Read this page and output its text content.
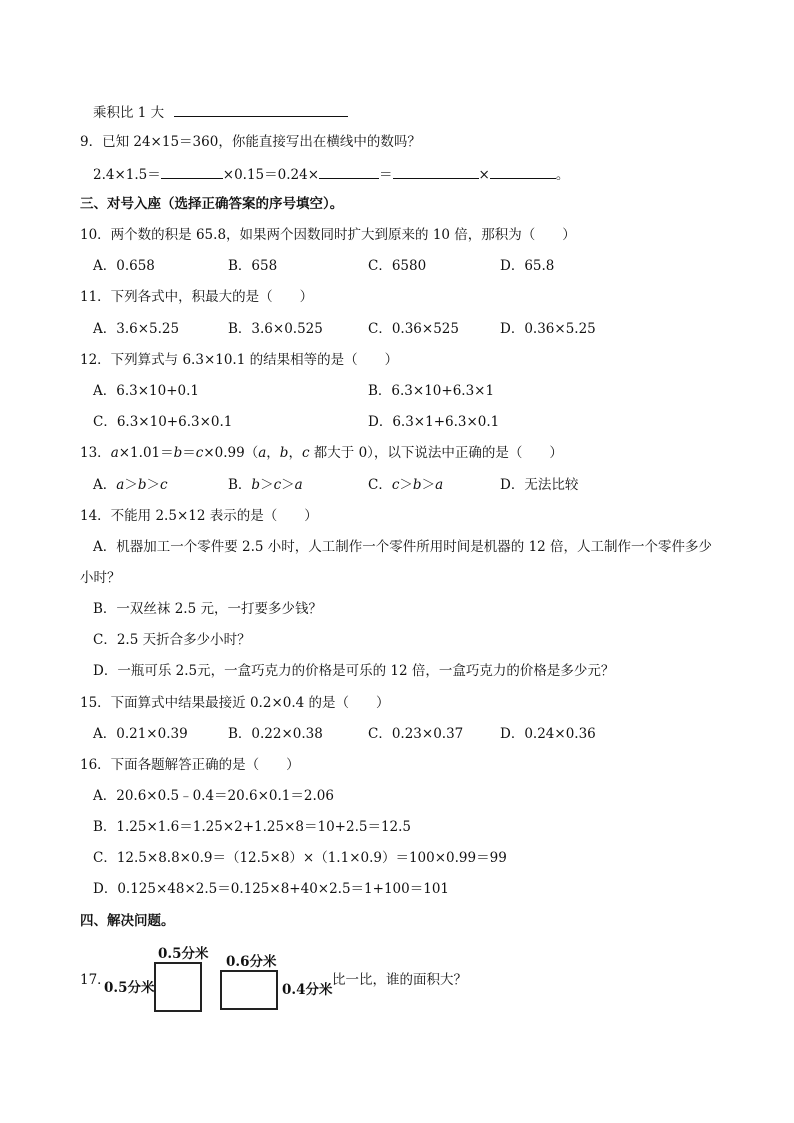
乘积比 1 大
9．已知 24×15＝360，你能直接写出在横线中的数吗？
2.4×1.5＝	×0.15＝0.24×	＝	×	。
三、对号入座（选择正确答案的序号填空）。
10．两个数的积是 65.8，如果两个因数同时扩大到原来的 10 倍，那积为（　　）
A．0.658	B．658	C．6580	D．65.8
11．下列各式中，积最大的是（　　）
A．3.6×5.25	B．3.6×0.525	C．0.36×525	D．0.36×5.25
12．下列算式与 6.3×10.1 的结果相等的是（　　）
A．6.3×10+0.1	B．6.3×10+6.3×1
C．6.3×10+6.3×0.1	D．6.3×1+6.3×0.1
13．a×1.01＝b＝c×0.99（a，b，c 都大于 0），以下说法中正确的是（　　）
A．a＞b＞c	B．b＞c＞a	C．c＞b＞a	D．无法比较
14．不能用 2.5×12 表示的是（　　）
A．机器加工一个零件要 2.5 小时，人工制作一个零件所用时间是机器的 12 倍，人工制作一个零件多少
小时？
B．一双丝袜 2.5 元，一打要多少钱？
C．2.5 天折合多少小时？
D．一瓶可乐 2.5元，一盒巧克力的价格是可乐的 12 倍，一盒巧克力的价格是多少元？
15．下面算式中结果最接近 0.2×0.4 的是（　　）
A．0.21×0.39	B．0.22×0.38	C．0.23×0.37	D．0.24×0.36
16．下面各题解答正确的是（　　）
A．20.6×0.5﹣0.4＝20.6×0.1＝2.06
B．1.25×1.6＝1.25×2+1.25×8＝10+2.5＝12.5
C．12.5×8.8×0.9＝（12.5×8）×（1.1×0.9）＝100×0.99＝99
D．0.125×48×2.5＝0.125×8+40×2.5＝1+100＝101
四、解决问题。
17．
0.5分米
0.5分米
0.6分米
0.4分米
比一比，谁的面积大？
